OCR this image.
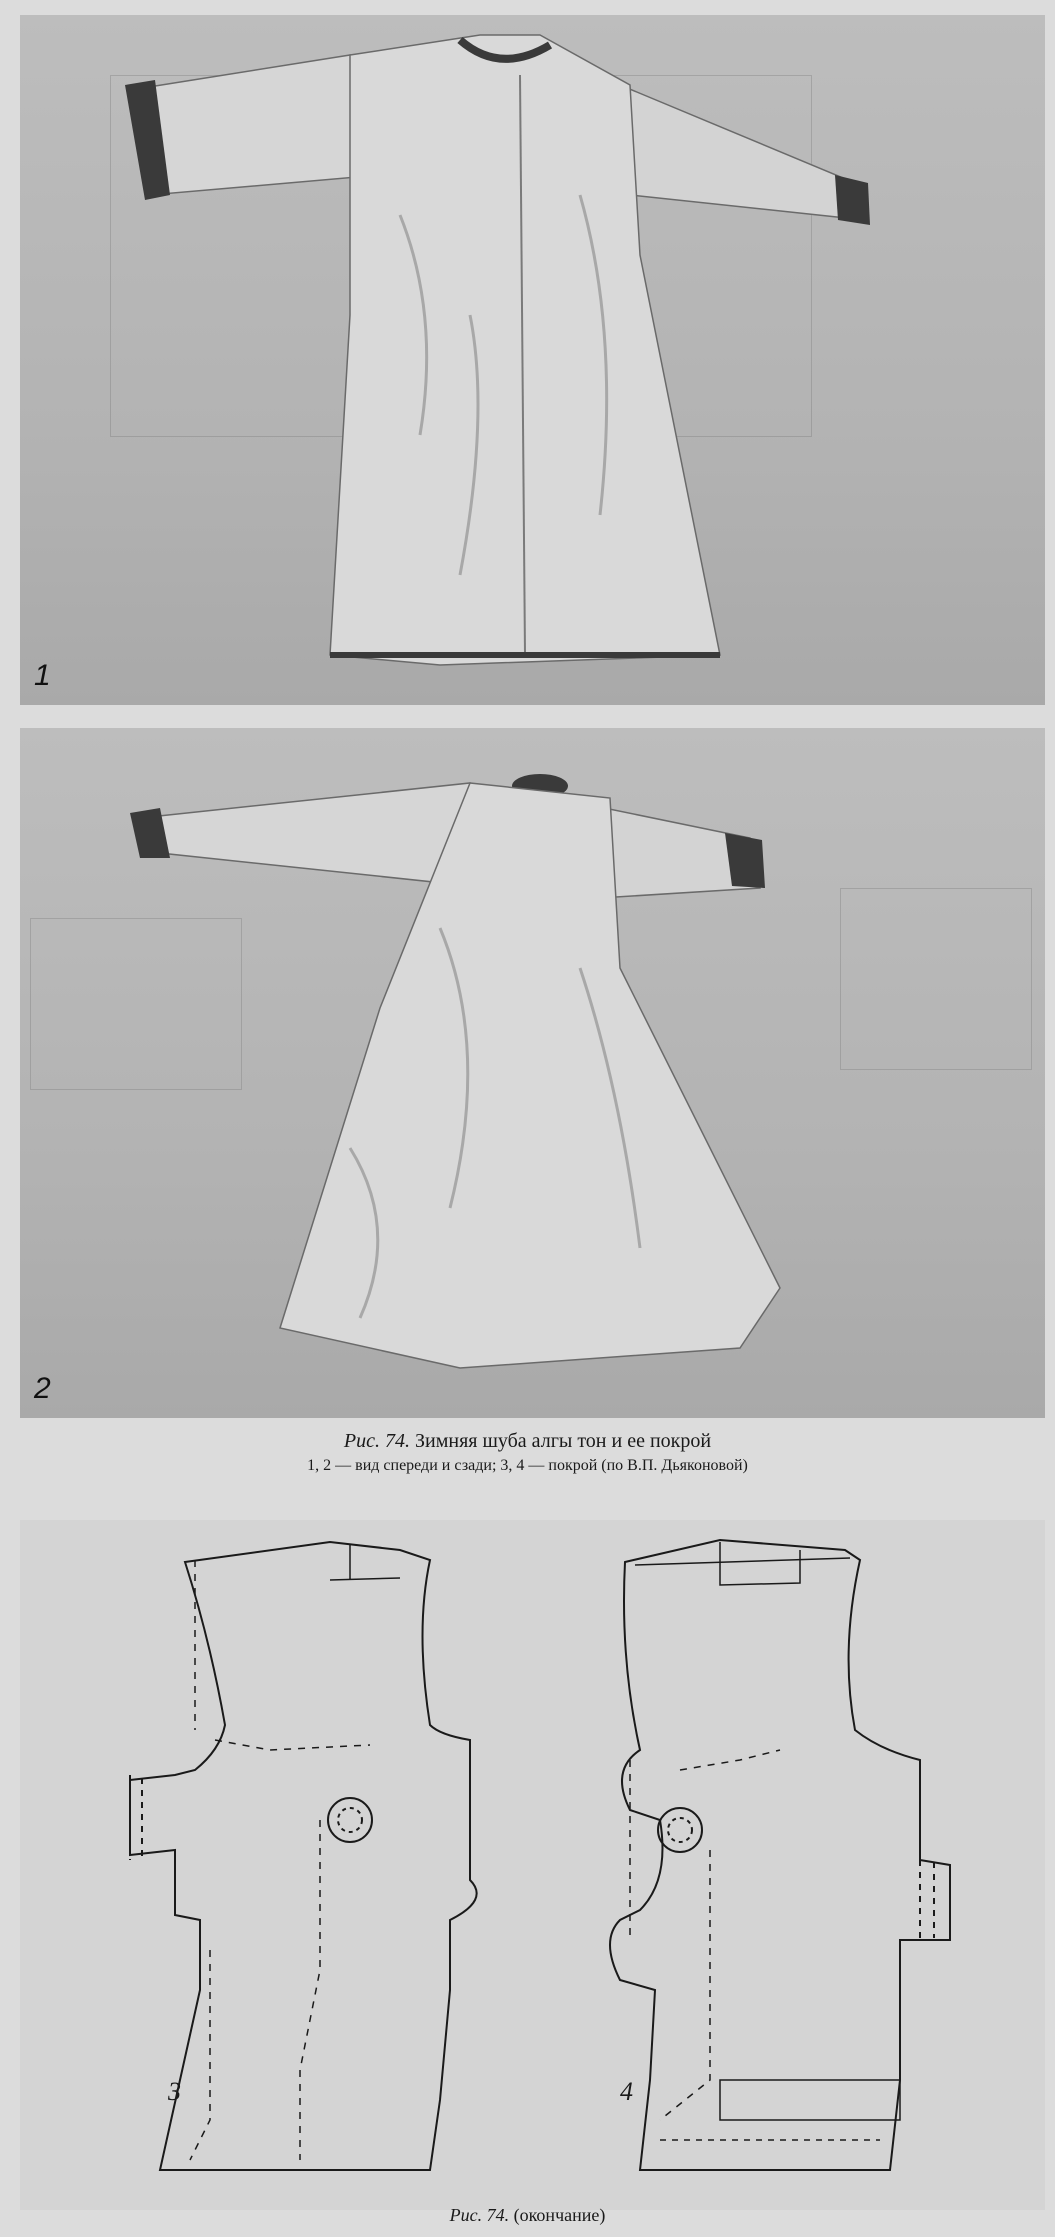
1
2
Рис. 74. Зимняя шуба алгы тон и ее покрой
1, 2 — вид спереди и сзади; 3, 4 — покрой (по В.П. Дьяконовой)
3	4
Рис. 74. (окончание)
